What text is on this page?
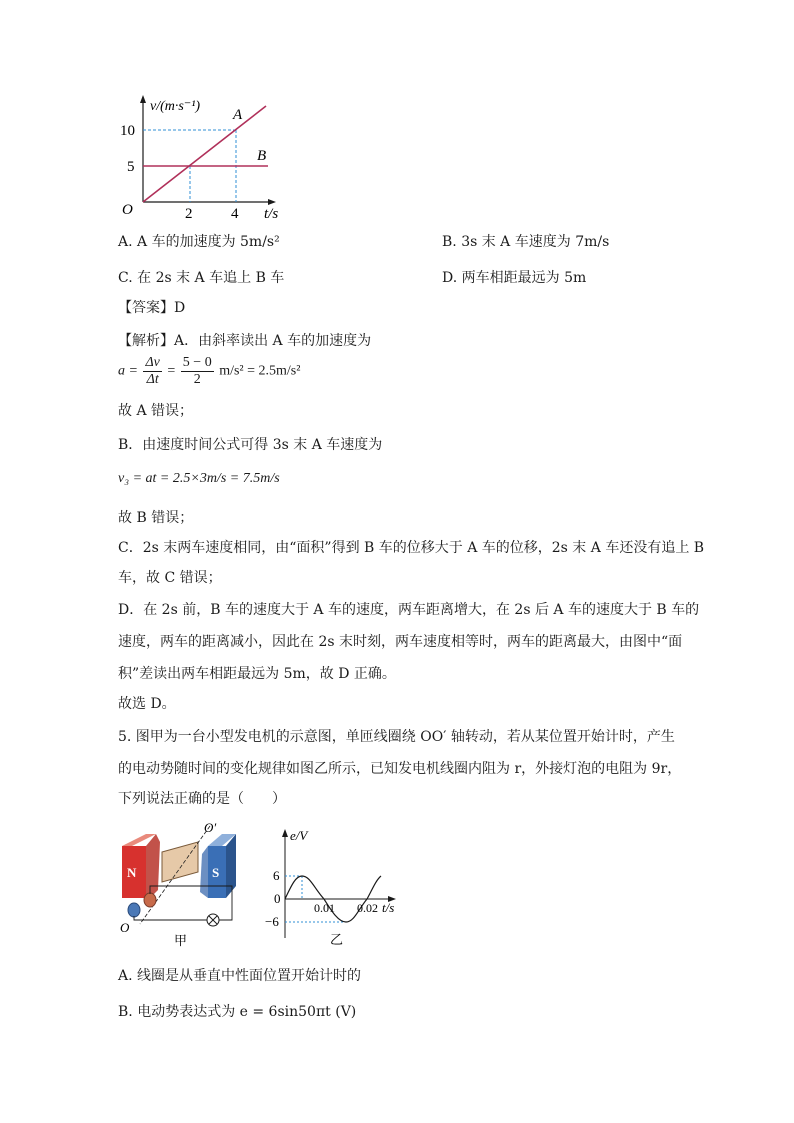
v/(m·s⁻¹)
10
5
O	2	4 t/s
A
B
A. A 车的加速度为 5m/s²	B. 3s 末 A 车速度为 7m/s
C. 在 2s 末 A 车追上 B 车	D. 两车相距最远为 5m
【答案】D
【解析】A．由斜率读出 A 车的加速度为
$a = \frac{\Delta v}{\Delta t} = \frac{5 - 0}{2} m/s^2 = 2.5m/s^2$
故 A 错误；
B．由速度时间公式可得 3s 末 A 车速度为
v₃ = at = 2.5×3m/s = 7.5m/s
故 B 错误；
C．2s 末两车速度相同，由“面积”得到 B 车的位移大于 A 车的位移，2s 末 A 车还没有追上 B
车，故 C 错误；
D．在 2s 前，B 车的速度大于 A 车的速度，两车距离增大，在 2s 后 A 车的速度大于 B 车的
速度，两车的距离减小，因此在 2s 末时刻，两车速度相等时，两车的距离最大，由图中“面
积”差读出两车相距最远为 5m，故 D 正确。
故选 D。
5. 图甲为一台小型发电机的示意图，单匝线圈绕 OO′ 轴转动，若从某位置开始计时，产生
的电动势随时间的变化规律如图乙所示，已知发电机线圈内阻为 r，外接灯泡的电阻为 9r，
下列说法正确的是（　　）
N	S
O′
O
甲
e/V
6
0
−6
0.01 0.02 t/s
乙
A. 线圈是从垂直中性面位置开始计时的
B. 电动势表达式为 e = 6sin50πt (V)
